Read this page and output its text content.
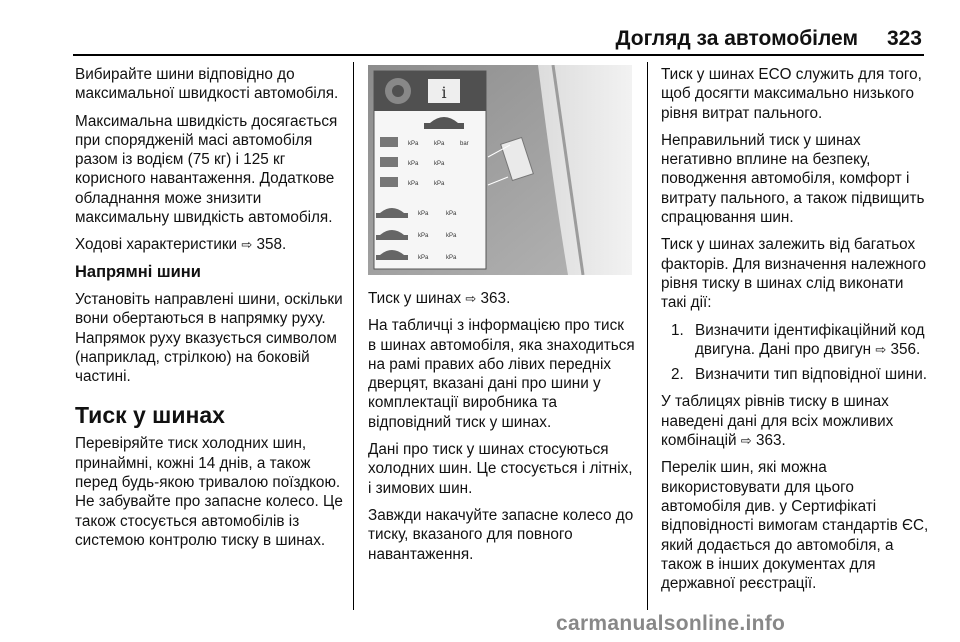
Догляд за автомобілем 323

Вибирайте шини відповідно до максимальної швидкості автомобіля.

Максимальна швидкість досягається при спорядженій масі автомобіля разом із водієм (75 кг) і 125 кг корисного навантаження. Додаткове обладнання може знизити максимальну швидкість автомобіля.

Ходові характеристики ⇨ 358.

Напрямні шини

Установіть направлені шини, оскільки вони обертаються в напрямку руху. Напрямок руху вказується символом (наприклад, стрілкою) на боковій частині.

Тиск у шинах

Перевіряйте тиск холодних шин, принаймні, кожні 14 днів, а також перед будь-якою тривалою поїздкою. Не забувайте про запасне колесо. Це також стосується автомобілів із системою контролю тиску в шинах.

i
kPa	kPa	bar
kPa	kPa
kPa	kPa
kPa	kPa
kPa	kPa
kPa	kPa

Тиск у шинах ⇨ 363.

На табличці з інформацією про тиск в шинах автомобіля, яка знаходиться на рамі правих або лівих передніх дверцят, вказані дані про шини у комплектації виробника та відповідний тиск у шинах.

Дані про тиск у шинах стосуються холодних шин. Це стосується і літніх, і зимових шин.

Завжди накачуйте запасне колесо до тиску, вказаного для повного навантаження.

Тиск у шинах ECO служить для того, щоб досягти максимально низького рівня витрат пального.

Неправильний тиск у шинах негативно вплине на безпеку, поводження автомобіля, комфорт і витрату пального, а також підвищить спрацювання шин.

Тиск у шинах залежить від багатьох факторів. Для визначення належного рівня тиску в шинах слід виконати такі дії:

1. Визначити ідентифікаційний код двигуна. Дані про двигун ⇨ 356.
2. Визначити тип відповідної шини.

У таблицях рівнів тиску в шинах наведені дані для всіх можливих комбінацій ⇨ 363.

Перелік шин, які можна використовувати для цього автомобіля див. у Сертифікаті відповідності вимогам стандартів ЄС, який додається до автомобіля, а також в інших документах для державної реєстрації.

carmanualsonline.info
